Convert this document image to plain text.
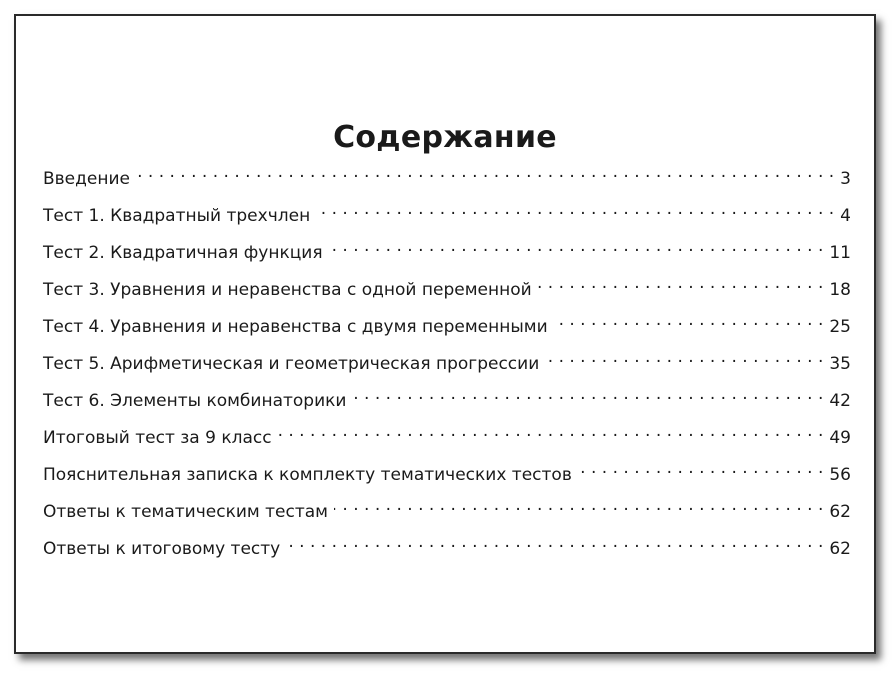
Содержание
Введение . . .	3
Тест 1. Квадратный трехчлен . . .	4
Тест 2. Квадратичная функция . . .	11
Тест 3. Уравнения и неравенства с одной переменной . . .	18
Тест 4. Уравнения и неравенства с двумя переменными . . .	25
Тест 5. Арифметическая и геометрическая прогрессии . . .	35
Тест 6. Элементы комбинаторики . . .	42
Итоговый тест за 9 класс . . .	49
Пояснительная записка к комплекту тематических тестов . . .	56
Ответы к тематическим тестам . . .	62
Ответы к итоговому тесту . . .	62
